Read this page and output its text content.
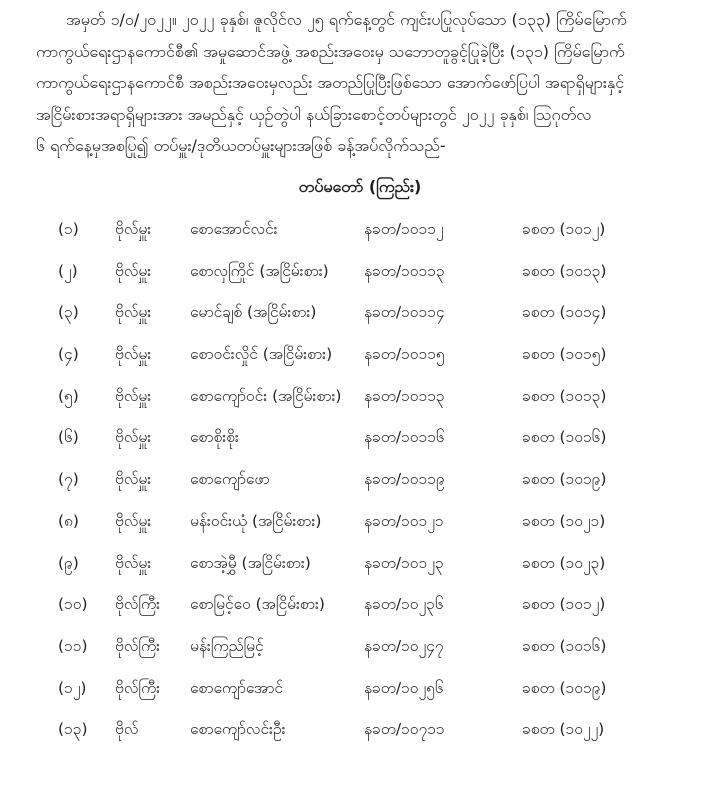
အမှတ် ၁/၀/၂၀၂၂။ ၂၀၂၂ ခုနှစ်၊ ဇူလိုင်လ ၂၅ ရက်နေ့တွင် ကျင်းပပြုလုပ်သော (၁၃၃) ကြိမ်မြောက်
ကာကွယ်ရေးဌာနကောင်စီ၏ အမှုဆောင်အဖွဲ့ အစည်းအဝေးမှ သဘောတူခွင့်ပြုခဲ့ပြီး (၁၃၁) ကြိမ်မြောက်
ကာကွယ်ရေးဌာနကောင်စီ အစည်းအဝေးမှလည်း အတည်ပြုပြီးဖြစ်သော အောက်ဖော်ပြပါ အရာရှိများနှင့်
အငြိမ်းစားအရာရှိများအား အမည်နှင့် ယှဉ်တွဲပါ နယ်ခြားစောင့်တပ်များတွင် ၂၀၂၂ ခုနှစ်၊ ဩဂုတ်လ
၆ ရက်နေ့မှအစပြု၍ တပ်မှူး/ဒုတိယတပ်မှူးများအဖြစ် ခန့်အပ်လိုက်သည်-
တပ်မတော် (ကြည်း)
(၁) ဗိုလ်မှူး	စောအောင်လင်း	နခတ/၁၀၁၁၂	ခစတ (၁၀၁၂)
(၂) ဗိုလ်မှူး	စောလှကြိုင် (အငြိမ်းစား) နခတ/၁၀၁၁၃	ခစတ (၁၀၁၃)
(၃) ဗိုလ်မှူး	မောင်ချစ် (အငြိမ်းစား)	နခတ/၁၀၁၁၄	ခစတ (၁၀၁၄)
(၄) ဗိုလ်မှူး	စောဝင်းလှိုင် (အငြိမ်းစား) နခတ/၁၀၁၁၅	ခစတ (၁၀၁၅)
(၅) ဗိုလ်မှူး	စောကျော်ဝင်း (အငြိမ်းစား) နခတ/၁၀၁၁၃	ခစတ (၁၀၁၃)
(၆) ဗိုလ်မှူး	စောစိုးစိုး	နခတ/၁၀၁၁၆	ခစတ (၁၀၁၆)
(၇) ဗိုလ်မှူး	စောကျော်ဖော	နခတ/၁၀၁၁၉	ခစတ (၁၀၁၉)
(၈) ဗိုလ်မှူး	မန်းဝင်းယုံ (အငြိမ်းစား)	နခတ/၁၀၁၂၁	ခစတ (၁၀၂၁)
(၉) ဗိုလ်မှူး	စောအဲ့မွှီ (အငြိမ်းစား)	နခတ/၁၀၁၂၃	ခစတ (၁၀၂၃)
(၁၀) ဗိုလ်ကြီး စောမြင့်ဝေ (အငြိမ်းစား)	နခတ/၁၀၂၃၆	ခစတ (၁၀၁၂)
(၁၁) ဗိုလ်ကြီး မန်းကြည်မြင့်	နခတ/၁၀၂၄၇	ခစတ (၁၀၁၆)
(၁၂) ဗိုလ်ကြီး စောကျော်အောင်	နခတ/၁၀၂၅၆	ခစတ (၁၀၁၉)
(၁၃) ဗိုလ်	စောကျော်လင်းဦး	နခတ/၁၀၇၁၁	ခစတ (၁၀၂၂)
